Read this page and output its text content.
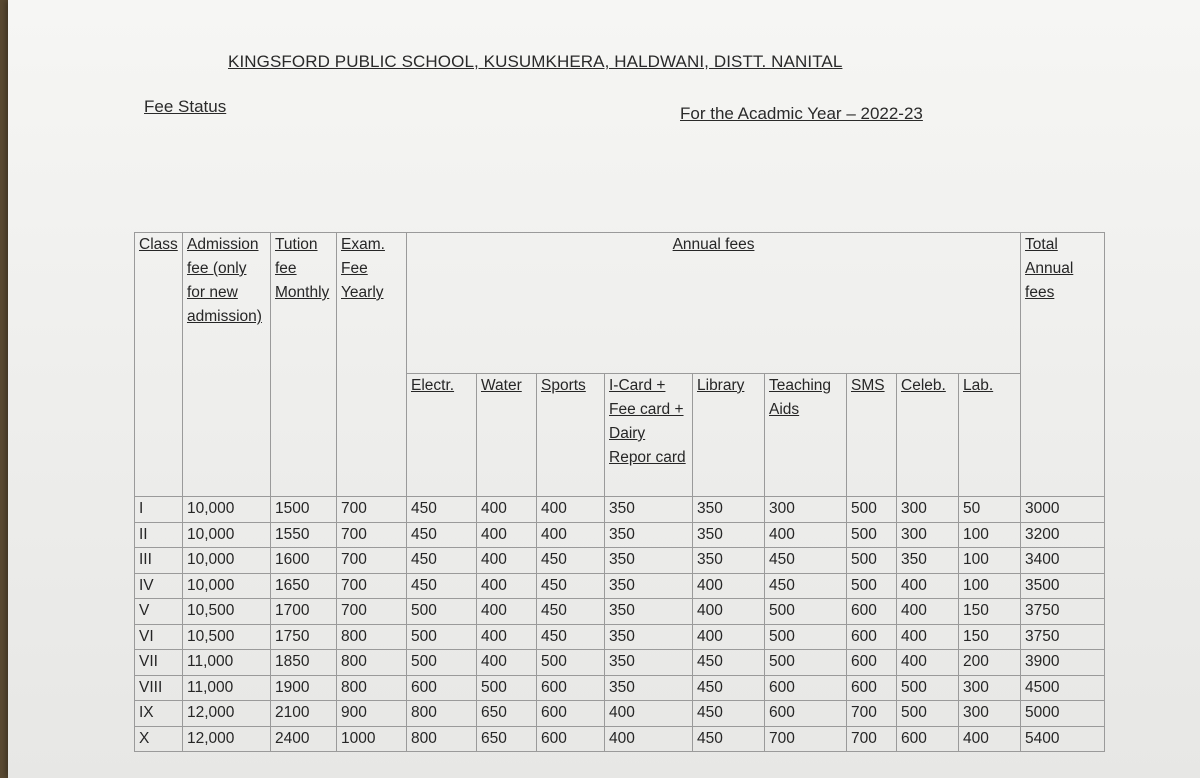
KINGSFORD PUBLIC SCHOOL, KUSUMKHERA, HALDWANI, DISTT. NANITAL
Fee Status	For the Acadmic Year – 2022-23
Class	Admission fee (only for new admission)	Tution fee Monthly	Exam. Fee Yearly	Annual fees									Total Annual fees
				Electr.	Water	Sports	I-Card + Fee card + Dairy Repor card	Library	Teaching Aids	SMS	Celeb.	Lab.	
I	10,000	1500	700	450	400	400	350	350	300	500	300	50	3000
II	10,000	1550	700	450	400	400	350	350	400	500	300	100	3200
III	10,000	1600	700	450	400	450	350	350	450	500	350	100	3400
IV	10,000	1650	700	450	400	450	350	400	450	500	400	100	3500
V	10,500	1700	700	500	400	450	350	400	500	600	400	150	3750
VI	10,500	1750	800	500	400	450	350	400	500	600	400	150	3750
VII	11,000	1850	800	500	400	500	350	450	500	600	400	200	3900
VIII	11,000	1900	800	600	500	600	350	450	600	600	500	300	4500
IX	12,000	2100	900	800	650	600	400	450	600	700	500	300	5000
X	12,000	2400	1000	800	650	600	400	450	700	700	600	400	5400
